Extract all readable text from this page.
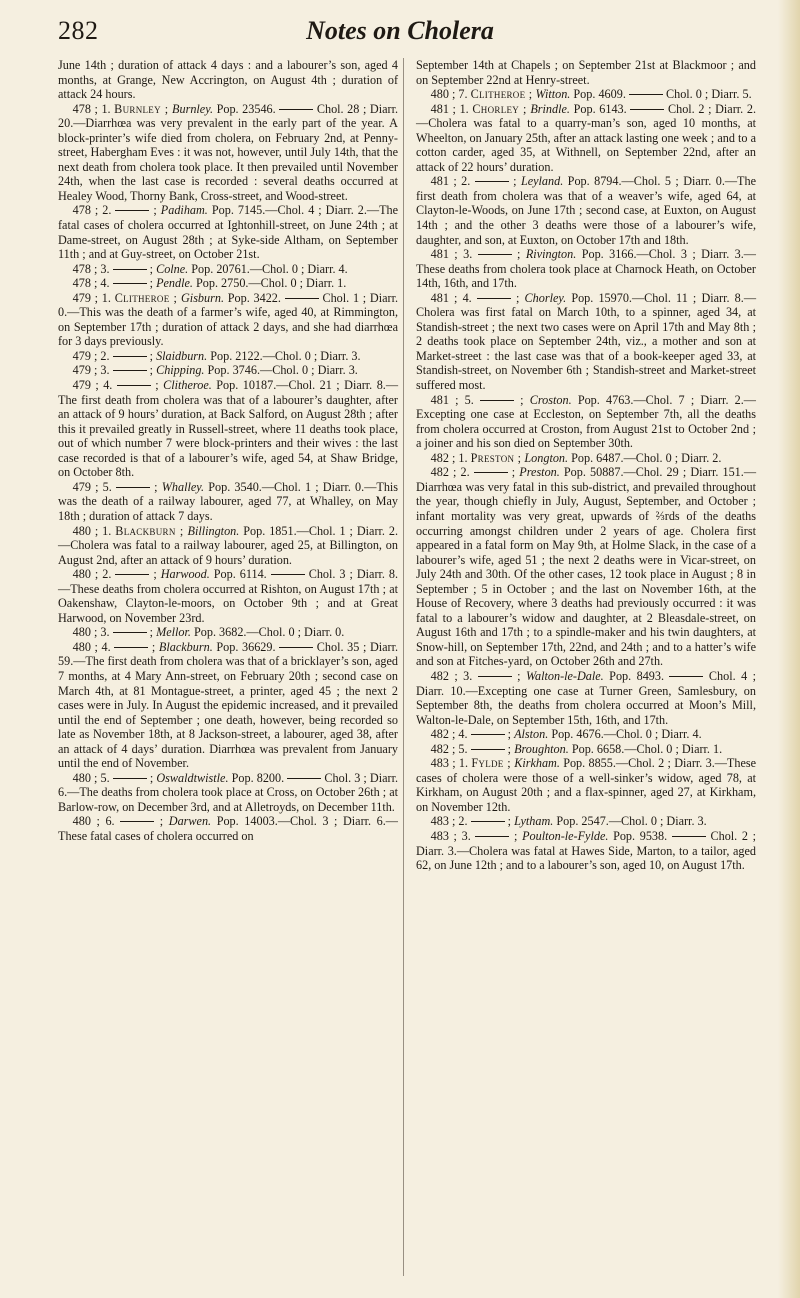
282	Notes on Cholera

June 14th ; duration of attack 4 days : and a labourer’s son, aged 4 months, at Grange, New Accrington, on August 4th ; duration of attack 24 hours.

478 ; 1. Burnley ; Burnley. Pop. 23546.	Chol. 28 ; Diarr. 20.—Diarrhœa was very prevalent in the early part of the year. A block-printer’s wife died from cholera, on February 2nd, at Penny-street, Habergham Eves : it was not, however, until July 14th, that the next death from cholera took place. It then prevailed until November 24th, when the last case is recorded : several deaths occurred at Healey Wood, Thorny Bank, Cross-street, and Wood-street.

478 ; 2.	; Padiham. Pop. 7145.—Chol. 4 ; Diarr. 2.—The fatal cases of cholera occurred at Ightonhill-street, on June 24th ; at Dame-street, on August 28th ; at Syke-side Altham, on September 11th ; and at Guy-street, on October 21st.

478 ; 3.	; Colne. Pop. 20761.—Chol. 0 ; Diarr. 4.

478 ; 4.	; Pendle. Pop. 2750.—Chol. 0 ; Diarr. 1.

479 ; 1. Clitheroe ; Gisburn. Pop. 3422.	Chol. 1 ; Diarr. 0.—This was the death of a farmer’s wife, aged 40, at Rimmington, on September 17th ; duration of attack 2 days, and she had diarrhœa for 3 days previously.

479 ; 2.	; Slaidburn. Pop. 2122.—Chol. 0 ; Diarr. 3.

479 ; 3.	; Chipping. Pop. 3746.—Chol. 0 ; Diarr. 3.

479 ; 4.	; Clitheroe. Pop. 10187.—Chol. 21 ; Diarr. 8.—The first death from cholera was that of a labourer’s daughter, after an attack of 9 hours’ duration, at Back Salford, on August 28th ; after this it prevailed greatly in Russell-street, where 11 deaths took place, out of which number 7 were block-printers and their wives : the last case recorded is that of a labourer’s wife, aged 54, at Shaw Bridge, on October 8th.

479 ; 5.	; Whalley. Pop. 3540.—Chol. 1 ; Diarr. 0.—This was the death of a railway labourer, aged 77, at Whalley, on May 18th ; duration of attack 7 days.

480 ; 1. Blackburn ; Billington. Pop. 1851.—Chol. 1 ; Diarr. 2.—Cholera was fatal to a railway labourer, aged 25, at Billington, on August 2nd, after an attack of 9 hours’ duration.

480 ; 2.	; Harwood. Pop. 6114.	Chol. 3 ; Diarr. 8.—These deaths from cholera occurred at Rishton, on August 17th ; at Oakenshaw, Clayton-le-moors, on October 9th ; and at Great Harwood, on November 23rd.

480 ; 3.	; Mellor. Pop. 3682.—Chol. 0 ; Diarr. 0.

480 ; 4.	; Blackburn. Pop. 36629.	Chol. 35 ; Diarr. 59.—The first death from cholera was that of a bricklayer’s son, aged 7 months, at 4 Mary Ann-street, on February 20th ; second case on March 4th, at 81 Montague-street, a printer, aged 45 ; the next 2 cases were in July. In August the epidemic increased, and it prevailed until the end of September ; one death, however, being recorded so late as November 18th, at 8 Jackson-street, a labourer, aged 38, after an attack of 4 days’ duration. Diarrhœa was prevalent from January until the end of November.

480 ; 5.	; Oswaldtwistle. Pop. 8200.	Chol. 3 ; Diarr. 6.—The deaths from cholera took place at Cross, on October 26th ; at Barlow-row, on December 3rd, and at Alletroyds, on December 11th.

480 ; 6.	; Darwen. Pop. 14003.—Chol. 3 ; Diarr. 6.—These fatal cases of cholera occurred on

September 14th at Chapels ; on September 21st at Blackmoor ; and on September 22nd at Henry-street.

480 ; 7. Clitheroe ; Witton. Pop. 4609.	Chol. 0 ; Diarr. 5.

481 ; 1. Chorley ; Brindle. Pop. 6143.	Chol. 2 ; Diarr. 2.—Cholera was fatal to a quarry-man’s son, aged 10 months, at Wheelton, on January 25th, after an attack lasting one week ; and to a cotton carder, aged 35, at Withnell, on September 22nd, after an attack of 22 hours’ duration.

481 ; 2.	; Leyland. Pop. 8794.—Chol. 5 ; Diarr. 0.—The first death from cholera was that of a weaver’s wife, aged 64, at Clayton-le-Woods, on June 17th ; second case, at Euxton, on August 14th ; and the other 3 deaths were those of a labourer’s wife, daughter, and son, at Euxton, on October 17th and 18th.

481 ; 3.	; Rivington. Pop. 3166.—Chol. 3 ; Diarr. 3.—These deaths from cholera took place at Charnock Heath, on October 14th, 16th, and 17th.

481 ; 4.	; Chorley. Pop. 15970.—Chol. 11 ; Diarr. 8.—Cholera was first fatal on March 10th, to a spinner, aged 34, at Standish-street ; the next two cases were on April 17th and May 8th ; 2 deaths took place on September 24th, viz., a mother and son at Market-street : the last case was that of a book-keeper aged 33, at Standish-street, on November 6th ; Standish-street and Market-street suffered most.

481 ; 5.	; Croston. Pop. 4763.—Chol. 7 ; Diarr. 2.—Excepting one case at Eccleston, on September 7th, all the deaths from cholera occurred at Croston, from August 21st to October 2nd ; a joiner and his son died on September 30th.

482 ; 1. Preston ; Longton. Pop. 6487.—Chol. 0 ; Diarr. 2.

482 ; 2.	; Preston. Pop. 50887.—Chol. 29 ; Diarr. 151.—Diarrhœa was very fatal in this sub-district, and prevailed throughout the year, though chiefly in July, August, September, and October ; infant mortality was very great, upwards of ⅔rds of the deaths occurring amongst children under 2 years of age. Cholera first appeared in a fatal form on May 9th, at Holme Slack, in the case of a labourer’s wife, aged 51 ; the next 2 deaths were in Vicar-street, on July 24th and 30th. Of the other cases, 12 took place in August ; 8 in September ; 5 in October ; and the last on November 16th, at the House of Recovery, where 3 deaths had previously occurred : it was fatal to a labourer’s widow and daughter, at 2 Bleasdale-street, on August 16th and 17th ; to a spindle-maker and his twin daughters, at Snow-hill, on September 17th, 22nd, and 24th ; and to a hatter’s wife and son at Fitches-yard, on October 26th and 27th.

482 ; 3.	; Walton-le-Dale. Pop. 8493.	Chol. 4 ; Diarr. 10.—Excepting one case at Turner Green, Samlesbury, on September 8th, the deaths from cholera occurred at Moon’s Mill, Walton-le-Dale, on September 15th, 16th, and 17th.

482 ; 4.	; Alston. Pop. 4676.—Chol. 0 ; Diarr. 4.

482 ; 5.	; Broughton. Pop. 6658.—Chol. 0 ; Diarr. 1.

483 ; 1. Fylde ; Kirkham. Pop. 8855.—Chol. 2 ; Diarr. 3.—These cases of cholera were those of a well-sinker’s widow, aged 78, at Kirkham, on August 20th ; and a flax-spinner, aged 27, at Kirkham, on November 12th.

483 ; 2.	; Lytham. Pop. 2547.—Chol. 0 ; Diarr. 3.

483 ; 3.	; Poulton-le-Fylde. Pop. 9538.	Chol. 2 ; Diarr. 3.—Cholera was fatal at Hawes Side, Marton, to a tailor, aged 62, on June 12th ; and to a labourer’s son, aged 10, on August 17th.
